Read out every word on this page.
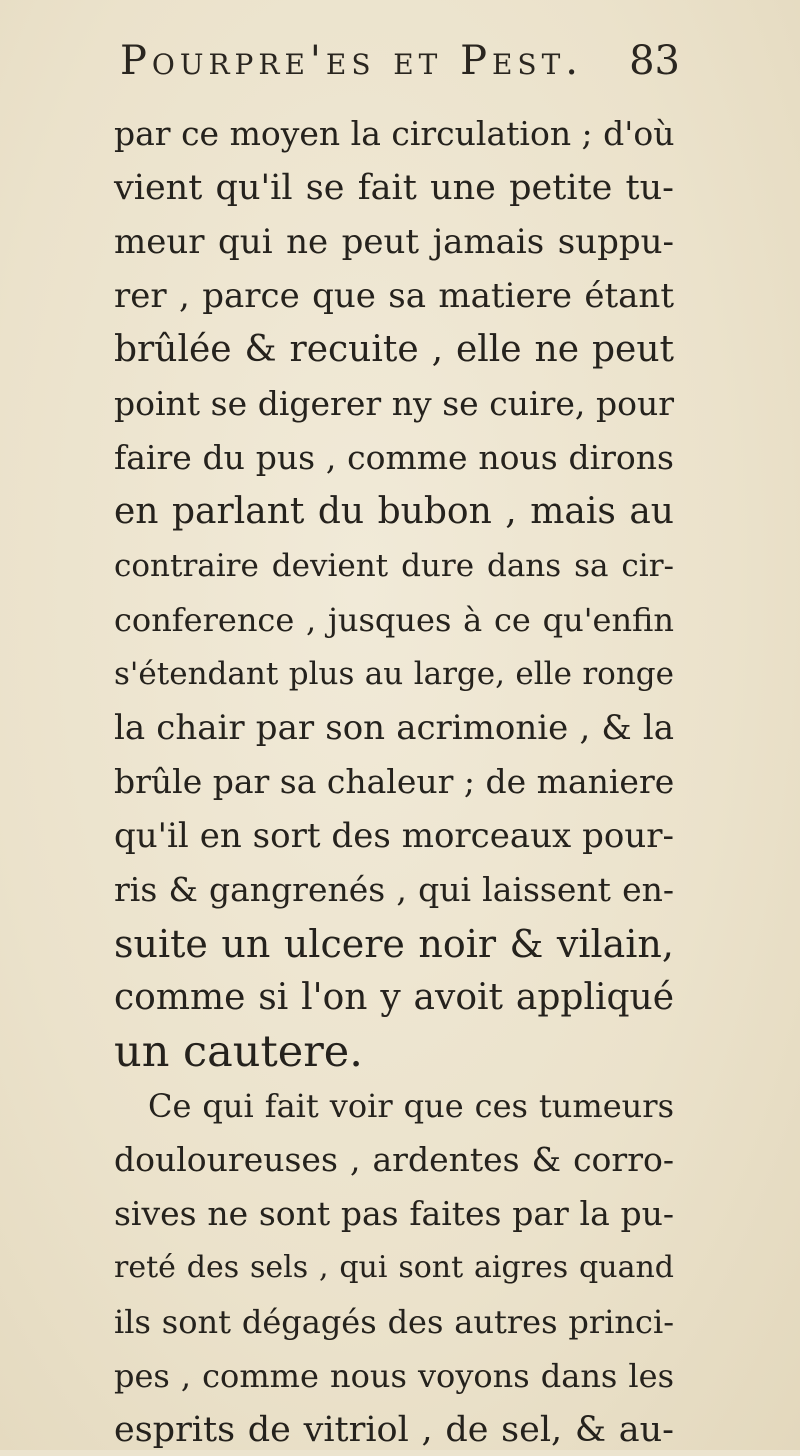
Pourpre'es et Pest. 83
par ce moyen la circulation ; d'où
vient qu'il se fait une petite tu-
meur qui ne peut jamais suppu-
rer , parce que sa matiere étant
brûlée & recuite , elle ne peut
point se digerer ny se cuire, pour
faire du pus , comme nous dirons
en parlant du bubon , mais au
contraire devient dure dans sa cir-
conference , jusques à ce qu'enfin
s'étendant plus au large, elle ronge
la chair par son acrimonie , & la
brûle par sa chaleur ; de maniere
qu'il en sort des morceaux pour-
ris & gangrenés , qui laissent en-
suite un ulcere noir & vilain,
comme si l'on y avoit appliqué
un cautere.
Ce qui fait voir que ces tumeurs
douloureuses , ardentes & corro-
sives ne sont pas faites par la pu-
reté des sels , qui sont aigres quand
ils sont dégagés des autres princi-
pes , comme nous voyons dans les
esprits de vitriol , de sel, & au-
